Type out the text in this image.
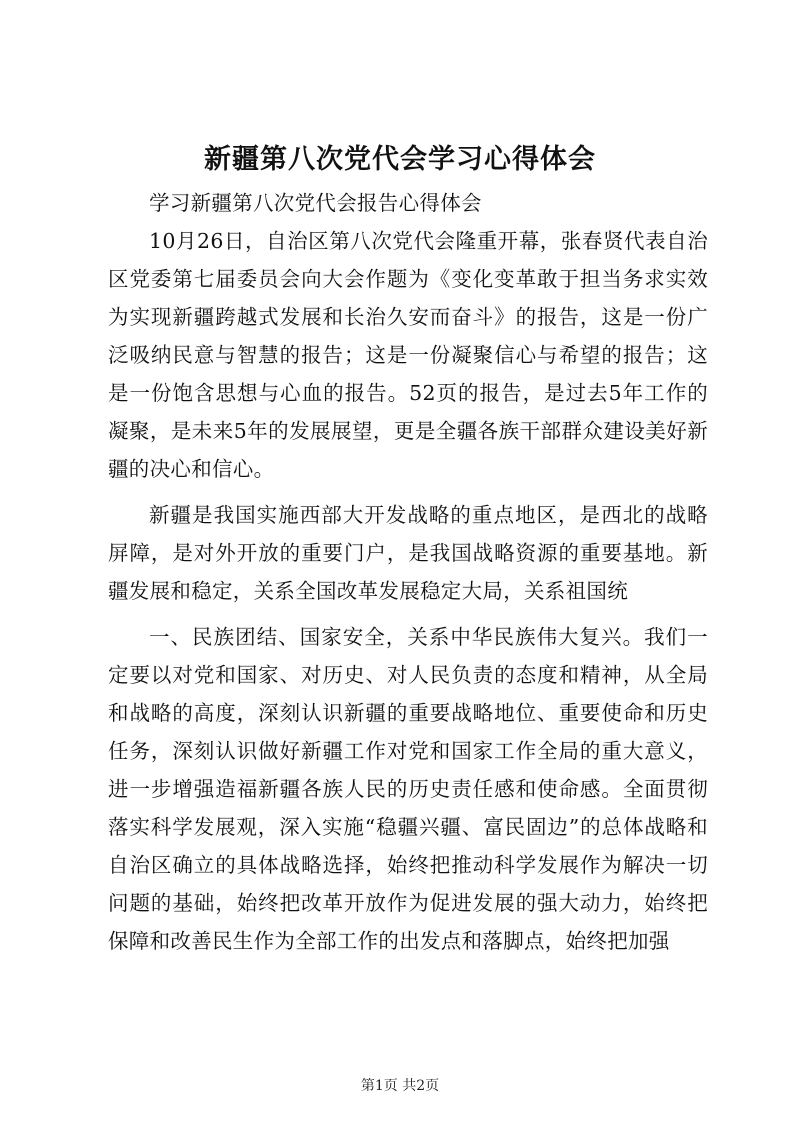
新疆第八次党代会学习心得体会

学习新疆第八次党代会报告心得体会

10月26日，自治区第八次党代会隆重开幕，张春贤代表自治区党委第七届委员会向大会作题为《变化变革敢于担当务求实效为实现新疆跨越式发展和长治久安而奋斗》的报告，这是一份广泛吸纳民意与智慧的报告；这是一份凝聚信心与希望的报告；这是一份饱含思想与心血的报告。52页的报告，是过去5年工作的凝聚，是未来5年的发展展望，更是全疆各族干部群众建设美好新疆的决心和信心。

新疆是我国实施西部大开发战略的重点地区，是西北的战略屏障，是对外开放的重要门户，是我国战略资源的重要基地。新疆发展和稳定，关系全国改革发展稳定大局，关系祖国统

一、民族团结、国家安全，关系中华民族伟大复兴。我们一定要以对党和国家、对历史、对人民负责的态度和精神，从全局和战略的高度，深刻认识新疆的重要战略地位、重要使命和历史任务，深刻认识做好新疆工作对党和国家工作全局的重大意义，进一步增强造福新疆各族人民的历史责任感和使命感。全面贯彻落实科学发展观，深入实施“稳疆兴疆、富民固边”的总体战略和自治区确立的具体战略选择，始终把推动科学发展作为解决一切问题的基础，始终把改革开放作为促进发展的强大动力，始终把保障和改善民生作为全部工作的出发点和落脚点，始终把加强

第1页 共2页
